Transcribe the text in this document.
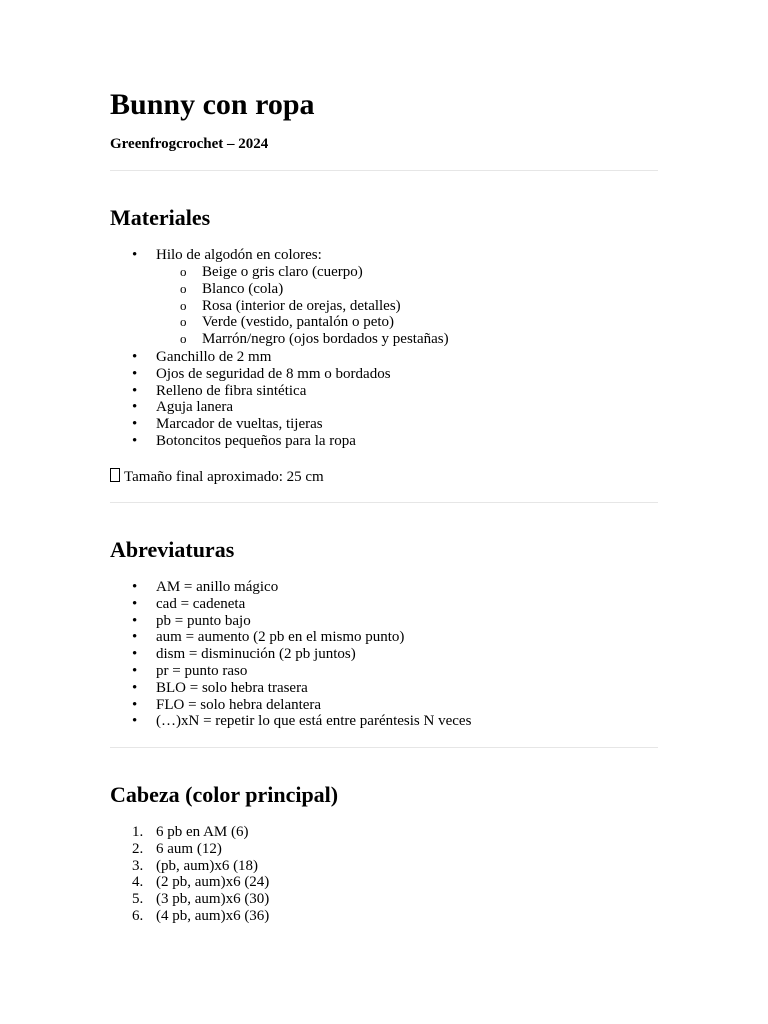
Bunny con ropa
Greenfrogcrochet – 2024
Materiales
• Hilo de algodón en colores:
o Beige o gris claro (cuerpo)
o Blanco (cola)
o Rosa (interior de orejas, detalles)
o Verde (vestido, pantalón o peto)
o Marrón/negro (ojos bordados y pestañas)
• Ganchillo de 2 mm
• Ojos de seguridad de 8 mm o bordados
• Relleno de fibra sintética
• Aguja lanera
• Marcador de vueltas, tijeras
• Botoncitos pequeños para la ropa
Tamaño final aproximado: 25 cm
Abreviaturas
• AM = anillo mágico
• cad = cadeneta
• pb = punto bajo
• aum = aumento (2 pb en el mismo punto)
• dism = disminución (2 pb juntos)
• pr = punto raso
• BLO = solo hebra trasera
• FLO = solo hebra delantera
• (…)xN = repetir lo que está entre paréntesis N veces
Cabeza (color principal)
1. 6 pb en AM (6)
2. 6 aum (12)
3. (pb, aum)x6 (18)
4. (2 pb, aum)x6 (24)
5. (3 pb, aum)x6 (30)
6. (4 pb, aum)x6 (36)
